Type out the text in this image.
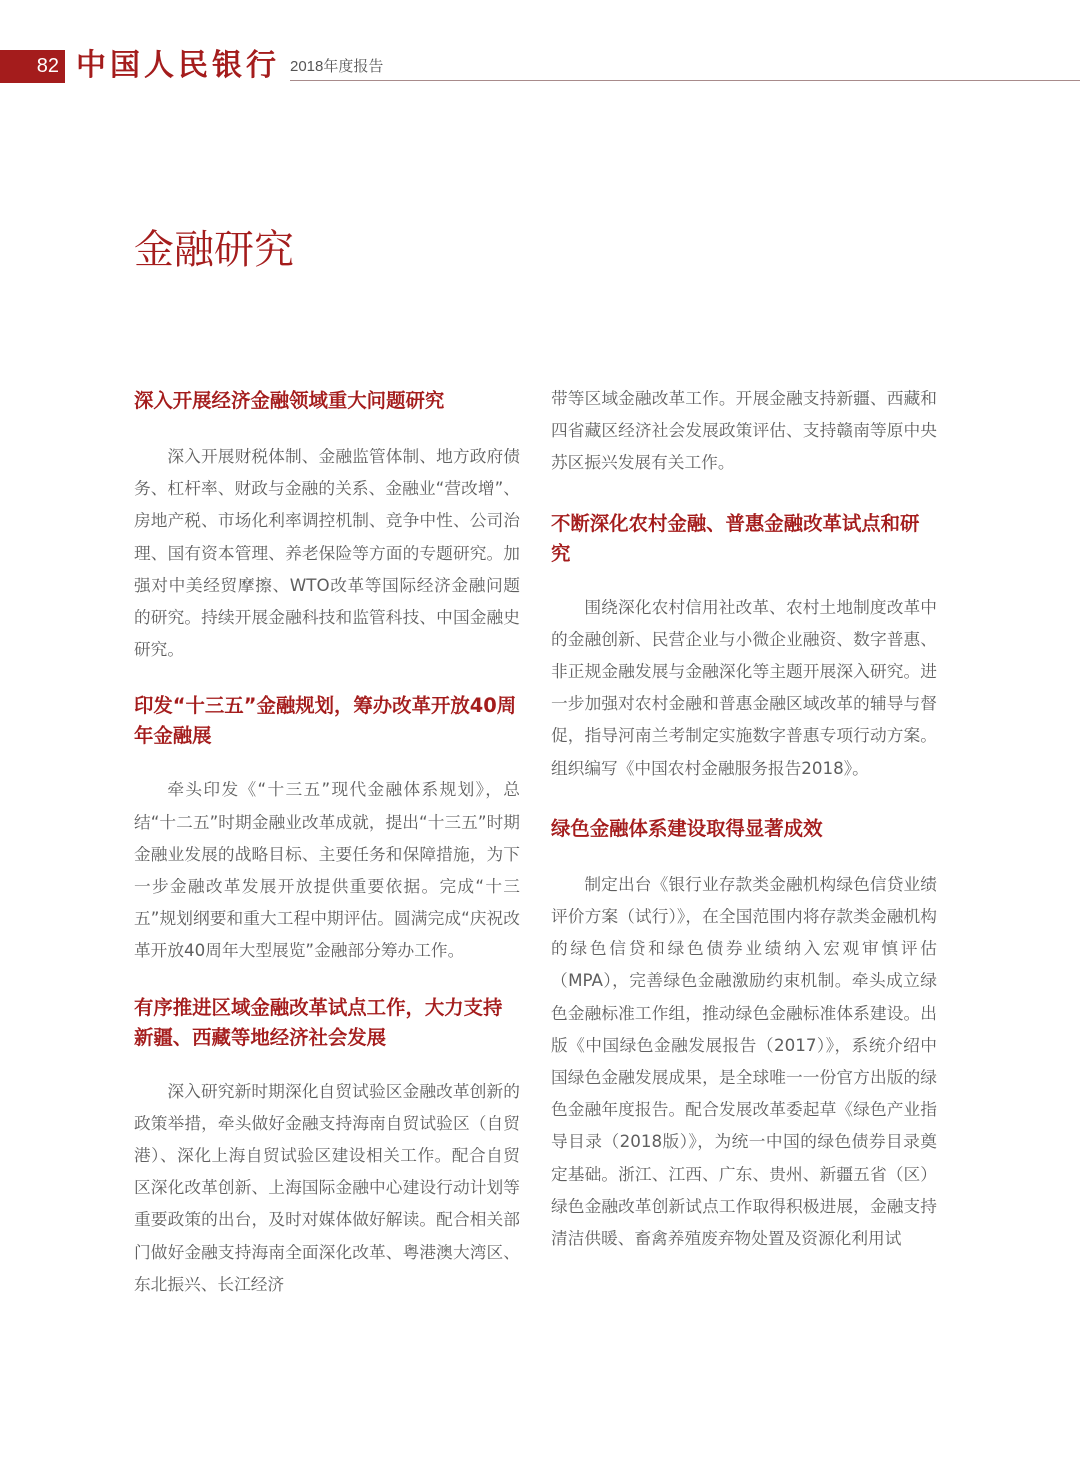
82 中国人民银行 2018年度报告
金融研究
深入开展经济金融领域重大问题研究

深入开展财税体制、金融监管体制、地方政府债务、杠杆率、财政与金融的关系、金融业“营改增”、房地产税、市场化利率调控机制、竞争中性、公司治理、国有资本管理、养老保险等方面的专题研究。加强对中美经贸摩擦、WTO改革等国际经济金融问题的研究。持续开展金融科技和监管科技、中国金融史研究。

印发“十三五”金融规划，筹办改革开放40周年金融展

牵头印发《“十三五”现代金融体系规划》，总结“十二五”时期金融业改革成就，提出“十三五”时期金融业发展的战略目标、主要任务和保障措施，为下一步金融改革发展开放提供重要依据。完成“十三五”规划纲要和重大工程中期评估。圆满完成“庆祝改革开放40周年大型展览”金融部分筹办工作。

有序推进区域金融改革试点工作，大力支持新疆、西藏等地经济社会发展

深入研究新时期深化自贸试验区金融改革创新的政策举措，牵头做好金融支持海南自贸试验区（自贸港）、深化上海自贸试验区建设相关工作。配合自贸区深化改革创新、上海国际金融中心建设行动计划等重要政策的出台，及时对媒体做好解读。配合相关部门做好金融支持海南全面深化改革、粤港澳大湾区、东北振兴、长江经济

带等区域金融改革工作。开展金融支持新疆、西藏和四省藏区经济社会发展政策评估、支持赣南等原中央苏区振兴发展有关工作。

不断深化农村金融、普惠金融改革试点和研究

围绕深化农村信用社改革、农村土地制度改革中的金融创新、民营企业与小微企业融资、数字普惠、非正规金融发展与金融深化等主题开展深入研究。进一步加强对农村金融和普惠金融区域改革的辅导与督促，指导河南兰考制定实施数字普惠专项行动方案。组织编写《中国农村金融服务报告2018》。

绿色金融体系建设取得显著成效

制定出台《银行业存款类金融机构绿色信贷业绩评价方案（试行）》，在全国范围内将存款类金融机构的绿色信贷和绿色债券业绩纳入宏观审慎评估（MPA），完善绿色金融激励约束机制。牵头成立绿色金融标准工作组，推动绿色金融标准体系建设。出版《中国绿色金融发展报告（2017）》，系统介绍中国绿色金融发展成果，是全球唯一一份官方出版的绿色金融年度报告。配合发展改革委起草《绿色产业指导目录（2018版）》，为统一中国的绿色债券目录奠定基础。浙江、江西、广东、贵州、新疆五省（区）绿色金融改革创新试点工作取得积极进展，金融支持清洁供暖、畜禽养殖废弃物处置及资源化利用试
